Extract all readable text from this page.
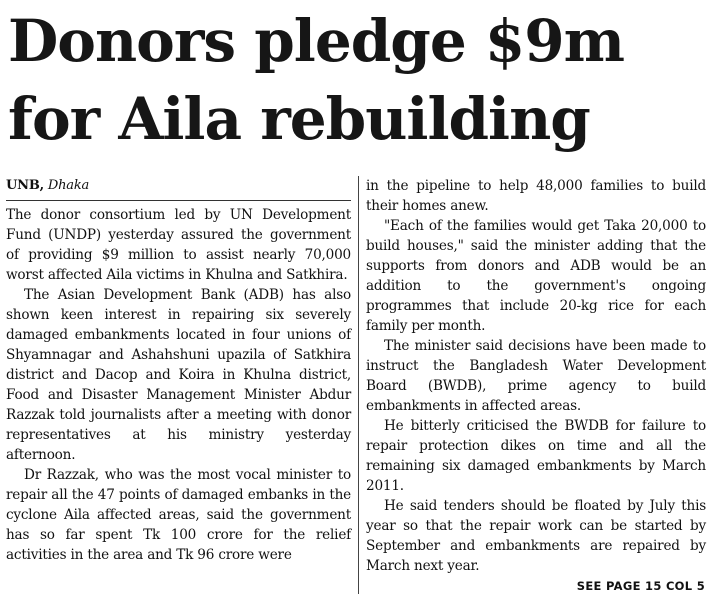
Donors pledge $9m
for Aila rebuilding
UNB, Dhaka

The donor consortium led by UN Development Fund (UNDP) yesterday assured the government of providing $9 million to assist nearly 70,000 worst affected Aila victims in Khulna and Satkhira.

The Asian Development Bank (ADB) has also shown keen interest in repairing six severely damaged embankments located in four unions of Shyamnagar and Ashahshuni upazila of Satkhira district and Dacop and Koira in Khulna district, Food and Disaster Management Minister Abdur Razzak told journalists after a meeting with donor representatives at his ministry yesterday afternoon.

Dr Razzak, who was the most vocal minister to repair all the 47 points of damaged embanks in the cyclone Aila affected areas, said the government has so far spent Tk 100 crore for the relief activities in the area and Tk 96 crore were

in the pipeline to help 48,000 families to build their homes anew.

"Each of the families would get Taka 20,000 to build houses," said the minister adding that the supports from donors and ADB would be an addition to the government's ongoing programmes that include 20-kg rice for each family per month.

The minister said decisions have been made to instruct the Bangladesh Water Development Board (BWDB), prime agency to build embankments in affected areas.

He bitterly criticised the BWDB for failure to repair protection dikes on time and all the remaining six damaged embankments by March 2011.

He said tenders should be floated by July this year so that the repair work can be started by September and embankments are repaired by March next year.

SEE PAGE 15 COL 5
